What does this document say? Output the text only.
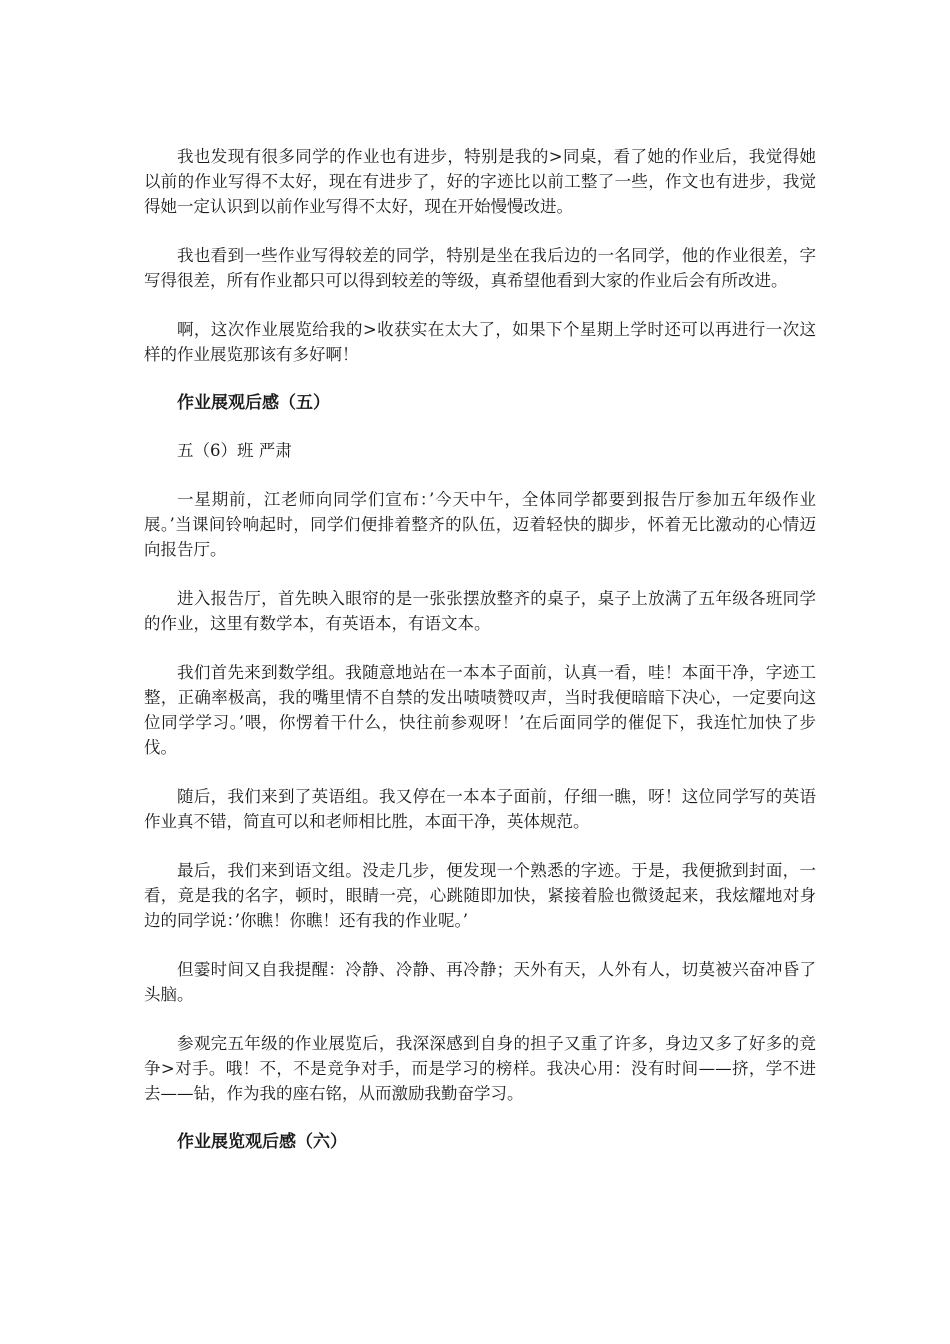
我也发现有很多同学的作业也有进步，特别是我的>同桌，看了她的作业后，我觉得她以前的作业写得不太好，现在有进步了，好的字迹比以前工整了一些，作文也有进步，我觉得她一定认识到以前作业写得不太好，现在开始慢慢改进。

我也看到一些作业写得较差的同学，特别是坐在我后边的一名同学，他的作业很差，字写得很差，所有作业都只可以得到较差的等级，真希望他看到大家的作业后会有所改进。

啊，这次作业展览给我的>收获实在太大了，如果下个星期上学时还可以再进行一次这样的作业展览那该有多好啊！

作业展观后感（五）

五（6）班 严肃

一星期前，江老师向同学们宣布：’今天中午，全体同学都要到报告厅参加五年级作业展。’当课间铃响起时，同学们便排着整齐的队伍，迈着轻快的脚步，怀着无比激动的心情迈向报告厅。

进入报告厅，首先映入眼帘的是一张张摆放整齐的桌子，桌子上放满了五年级各班同学的作业，这里有数学本，有英语本，有语文本。

我们首先来到数学组。我随意地站在一本本子面前，认真一看，哇！本面干净，字迹工整，正确率极高，我的嘴里情不自禁的发出啧啧赞叹声，当时我便暗暗下决心，一定要向这位同学学习。’喂，你愣着干什么，快往前参观呀！’在后面同学的催促下，我连忙加快了步伐。

随后，我们来到了英语组。我又停在一本本子面前，仔细一瞧，呀！这位同学写的英语作业真不错，简直可以和老师相比胜，本面干净，英体规范。

最后，我们来到语文组。没走几步，便发现一个熟悉的字迹。于是，我便掀到封面，一看，竟是我的名字，顿时，眼睛一亮，心跳随即加快，紧接着脸也微烫起来，我炫耀地对身边的同学说：’你瞧！你瞧！还有我的作业呢。’

但霎时间又自我提醒：冷静、冷静、再冷静；天外有天，人外有人，切莫被兴奋冲昏了头脑。

参观完五年级的作业展览后，我深深感到自身的担子又重了许多，身边又多了好多的竞争>对手。哦！不，不是竞争对手，而是学习的榜样。我决心用：没有时间——挤，学不进去——钻，作为我的座右铭，从而激励我勤奋学习。

作业展览观后感（六）
